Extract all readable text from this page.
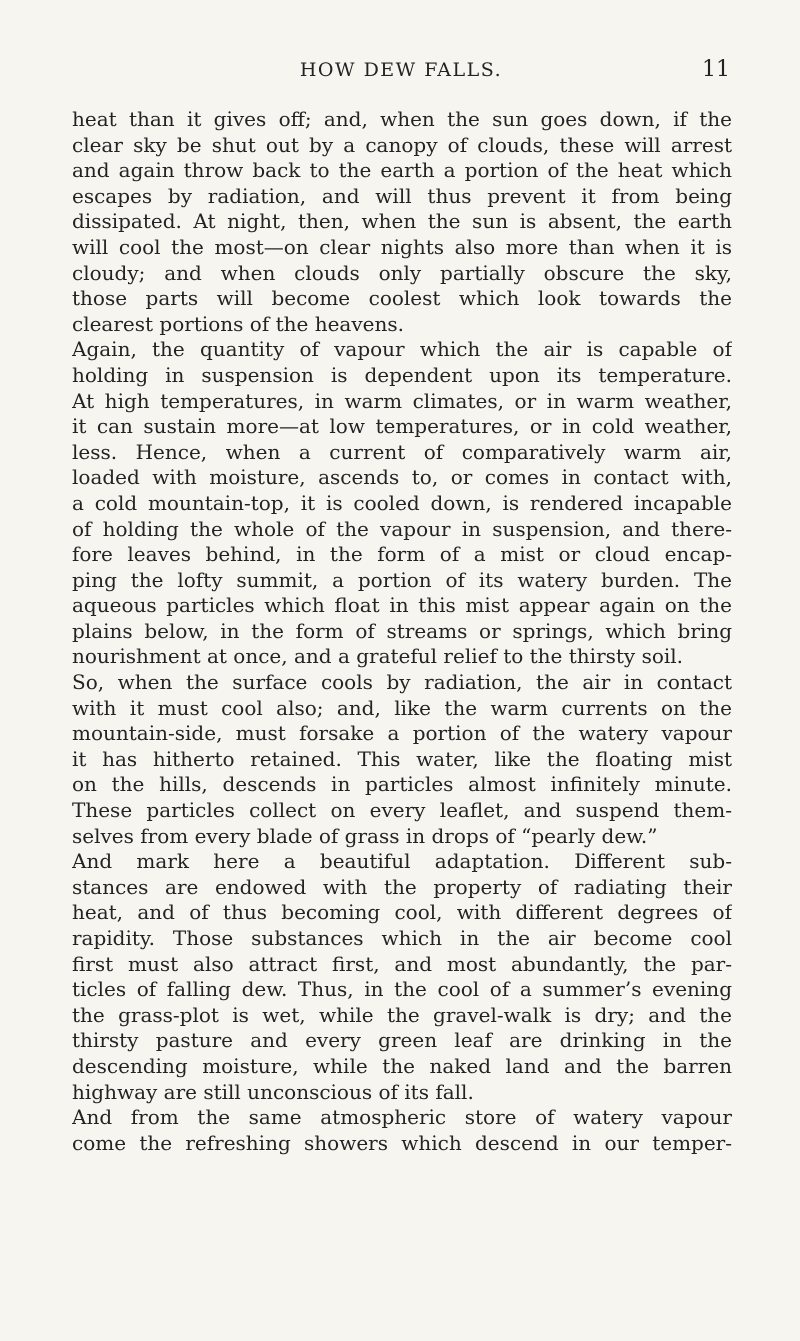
HOW DEW FALLS.	11

heat than it gives off; and, when the sun goes down, if the
clear sky be shut out by a canopy of clouds, these will arrest
and again throw back to the earth a portion of the heat which
escapes by radiation, and will thus prevent it from being
dissipated. At night, then, when the sun is absent, the earth
will cool the most—on clear nights also more than when it is
cloudy; and when clouds only partially obscure the sky,
those parts will become coolest which look towards the
clearest portions of the heavens.

Again, the quantity of vapour which the air is capable of
holding in suspension is dependent upon its temperature.
At high temperatures, in warm climates, or in warm weather,
it can sustain more—at low temperatures, or in cold weather,
less. Hence, when a current of comparatively warm air,
loaded with moisture, ascends to, or comes in contact with,
a cold mountain-top, it is cooled down, is rendered incapable
of holding the whole of the vapour in suspension, and there-
fore leaves behind, in the form of a mist or cloud encap-
ping the lofty summit, a portion of its watery burden. The
aqueous particles which float in this mist appear again on the
plains below, in the form of streams or springs, which bring
nourishment at once, and a grateful relief to the thirsty soil.

So, when the surface cools by radiation, the air in contact
with it must cool also; and, like the warm currents on the
mountain-side, must forsake a portion of the watery vapour
it has hitherto retained. This water, like the floating mist
on the hills, descends in particles almost infinitely minute.
These particles collect on every leaflet, and suspend them-
selves from every blade of grass in drops of “pearly dew.”

And mark here a beautiful adaptation. Different sub-
stances are endowed with the property of radiating their
heat, and of thus becoming cool, with different degrees of
rapidity. Those substances which in the air become cool
first must also attract first, and most abundantly, the par-
ticles of falling dew. Thus, in the cool of a summer’s evening
the grass-plot is wet, while the gravel-walk is dry; and the
thirsty pasture and every green leaf are drinking in the
descending moisture, while the naked land and the barren
highway are still unconscious of its fall.

And from the same atmospheric store of watery vapour
come the refreshing showers which descend in our temper-
